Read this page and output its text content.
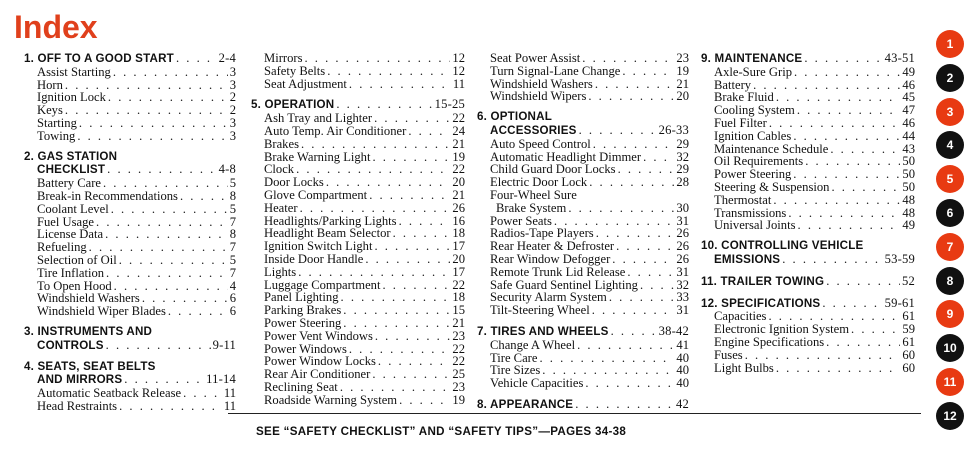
Index
1. OFF TO A GOOD START . . .	2-4
Assist Starting . . .	3
Horn . . .	3
Ignition Lock . . .	2
Keys . . .	2
Starting . . .	3
Towing . . .	3
2. GAS STATION
CHECKLIST . . .	4-8
Battery Care . . .	5
Break-in Recommendations . . .	8
Coolant Level . . .	5
Fuel Usage . . .	7
License Data . . .	8
Refueling . . .	7
Selection of Oil . . .	5
Tire Inflation . . .	7
To Open Hood . . .	4
Windshield Washers . . .	6
Windshield Wiper Blades . . .	6
3. INSTRUMENTS AND
CONTROLS . . .	9-11
4. SEATS, SEAT BELTS
AND MIRRORS . . .	11-14
Automatic Seatback Release . . .	11
Head Restraints . . .	11
Mirrors . . .	12
Safety Belts . . .	12
Seat Adjustment . . .	11
5. OPERATION . . .	15-25
Ash Tray and Lighter . . .	22
Auto Temp. Air Conditioner . . .	24
Brakes . . .	21
Brake Warning Light . . .	19
Clock . . .	22
Door Locks . . .	20
Glove Compartment . . .	21
Heater . . .	26
Headlights/Parking Lights . . .	16
Headlight Beam Selector . . .	18
Ignition Switch Light . . .	17
Inside Door Handle . . .	20
Lights . . .	17
Luggage Compartment . . .	22
Panel Lighting . . .	18
Parking Brakes . . .	15
Power Steering . . .	21
Power Vent Windows . . .	23
Power Windows . . .	22
Power Window Locks . . .	22
Rear Air Conditioner . . .	25
Reclining Seat . . .	23
Roadside Warning System . . .	19
Seat Power Assist . . .	23
Turn Signal-Lane Change . . .	19
Windshield Washers . . .	21
Windshield Wipers . . .	20
6. OPTIONAL
ACCESSORIES . . .	26-33
Auto Speed Control . . .	29
Automatic Headlight Dimmer . . .	32
Child Guard Door Locks . . .	29
Electric Door Lock . . .	28
Four-Wheel Sure
Brake System . . .	30
Power Seats . . .	31
Radios-Tape Players . . .	26
Rear Heater & Defroster . . .	26
Rear Window Defogger . . .	26
Remote Trunk Lid Release . . .	31
Safe Guard Sentinel Lighting . . .	32
Security Alarm System . . .	33
Tilt-Steering Wheel . . .	31
7. TIRES AND WHEELS . . .	38-42
Change A Wheel . . .	41
Tire Care . . .	40
Tire Sizes . . .	40
Vehicle Capacities . . .	40
8. APPEARANCE . . .	42
9. MAINTENANCE . . .	43-51
Axle-Sure Grip . . .	49
Battery . . .	46
Brake Fluid . . .	45
Cooling System . . .	47
Fuel Filter . . .	46
Ignition Cables . . .	44
Maintenance Schedule . . .	43
Oil Requirements . . .	50
Power Steering . . .	50
Steering & Suspension . . .	50
Thermostat . . .	48
Transmissions . . .	48
Universal Joints . . .	49
10. CONTROLLING VEHICLE
EMISSIONS . . .	53-59
11. TRAILER TOWING . . .	52
12. SPECIFICATIONS . . .	59-61
Capacities . . .	61
Electronic Ignition System . . .	59
Engine Specifications . . .	61
Fuses . . .	60
Light Bulbs . . .	60
SEE “SAFETY CHECKLIST” AND “SAFETY TIPS”—PAGES 34-38
1
2
3
4
5
6
7
8
9
10
11
12
